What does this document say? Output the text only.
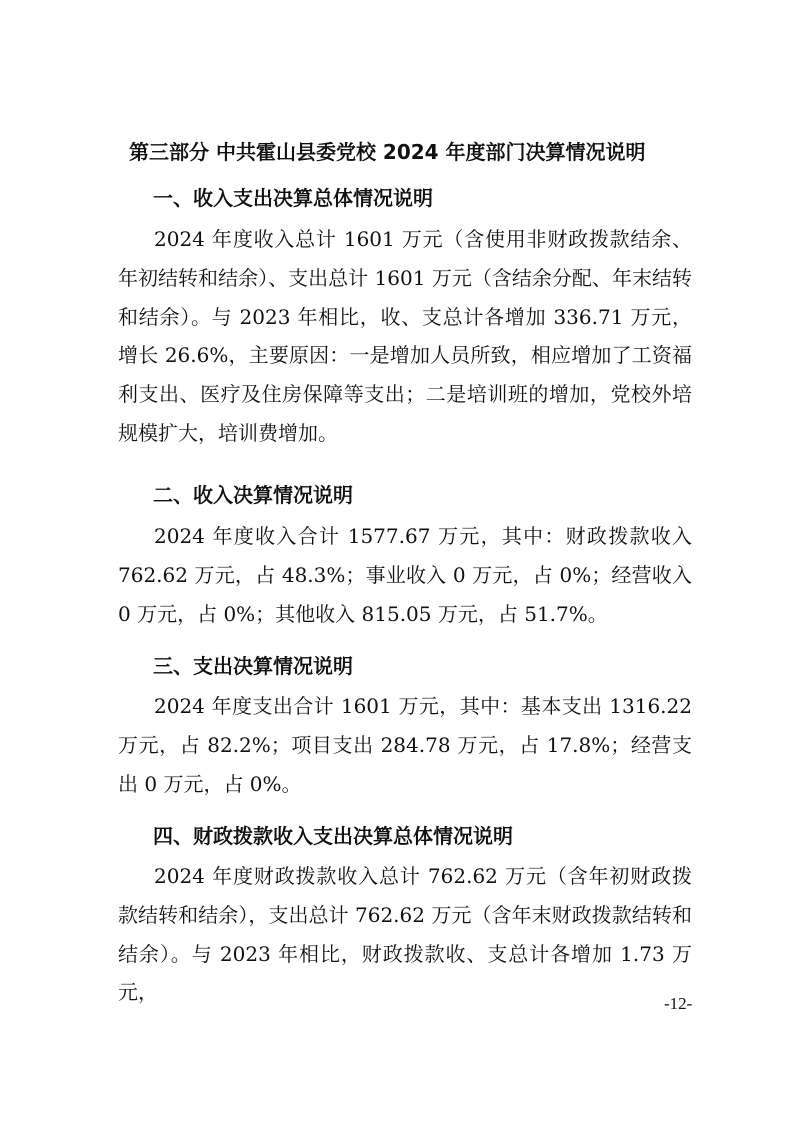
第三部分 中共霍山县委党校 2024 年度部门决算情况说明
一、收入支出决算总体情况说明
2024 年度收入总计 1601 万元（含使用非财政拨款结余、年初结转和结余）、支出总计 1601 万元（含结余分配、年末结转和结余）。与 2023 年相比，收、支总计各增加 336.71 万元，增长 26.6%，主要原因：一是增加人员所致，相应增加了工资福利支出、医疗及住房保障等支出；二是培训班的增加，党校外培规模扩大，培训费增加。
二、收入决算情况说明
2024 年度收入合计 1577.67 万元，其中：财政拨款收入 762.62 万元，占 48.3%；事业收入 0 万元，占 0%；经营收入 0 万元，占 0%；其他收入 815.05 万元，占 51.7%。
三、支出决算情况说明
2024 年度支出合计 1601 万元，其中：基本支出 1316.22 万元，占 82.2%；项目支出 284.78 万元，占 17.8%；经营支出 0 万元，占 0%。
四、财政拨款收入支出决算总体情况说明
2024 年度财政拨款收入总计 762.62 万元（含年初财政拨款结转和结余），支出总计 762.62 万元（含年末财政拨款结转和结余）。与 2023 年相比，财政拨款收、支总计各增加 1.73 万元，	-12-
